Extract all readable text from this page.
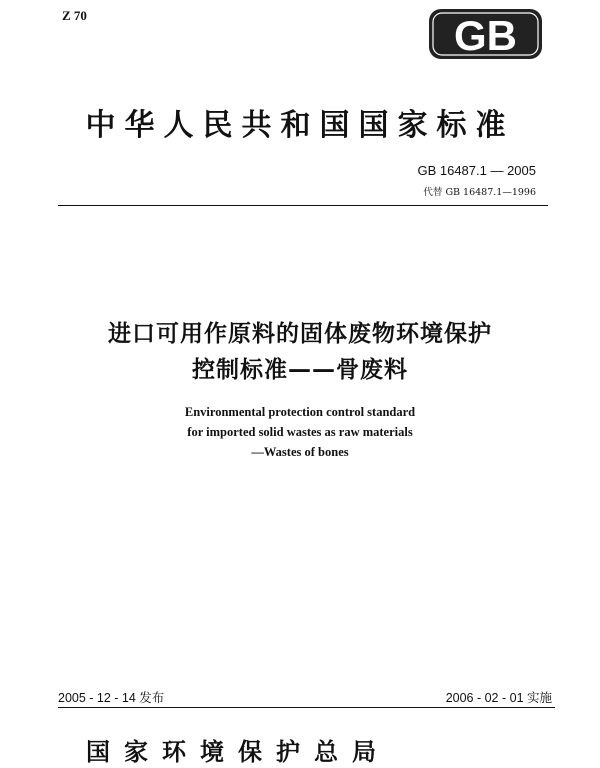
Z 70	GB
中华人民共和国国家标准
GB 16487.1 — 2005
代替 GB 16487.1—1996
进口可用作原料的固体废物环境保护
控制标准——骨废料
Environmental protection control standard
for imported solid wastes as raw materials
—Wastes of bones
2005 - 12 - 14 发布	2006 - 02 - 01 实施
国家环境保护总局
